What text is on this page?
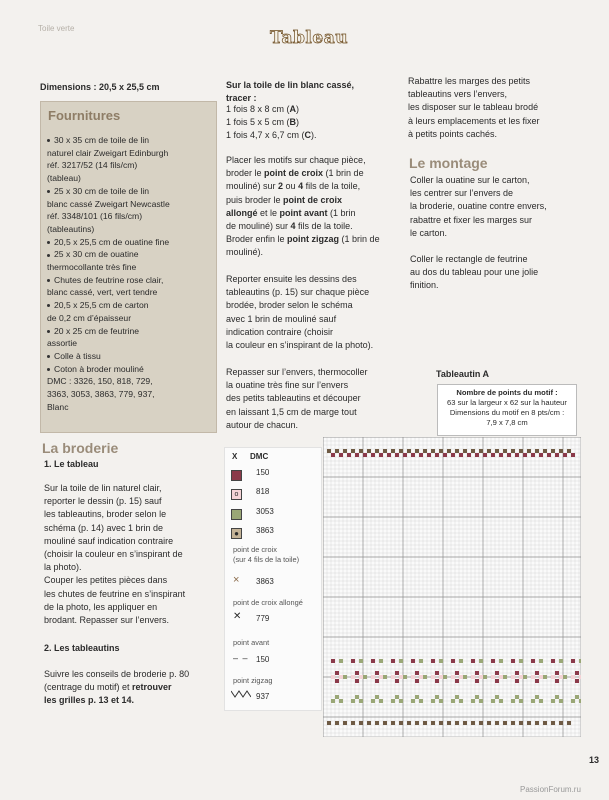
Toile verte	Tableau
Dimensions : 20,5 x 25,5 cm
Fournitures
30 x 35 cm de toile de lin
naturel clair Zweigart Edinburgh
réf. 3217/52 (14 fils/cm)
(tableau)
25 x 30 cm de toile de lin
blanc cassé Zweigart Newcastle
réf. 3348/101 (16 fils/cm)
(tableautins)
20,5 x 25,5 cm de ouatine fine
25 x 30 cm de ouatine
thermocollante très fine
Chutes de feutrine rose clair,
blanc cassé, vert, vert tendre
20,5 x 25,5 cm de carton
de 0,2 cm d’épaisseur
20 x 25 cm de feutrine
assortie
Colle à tissu
Coton à broder mouliné
DMC : 3326, 150, 818, 729,
3363, 3053, 3863, 779, 937,
Blanc
La broderie
1. Le tableau

Sur la toile de lin naturel clair,

reporter le dessin (p. 15) sauf

les tableautins, broder selon le

schéma (p. 14) avec 1 brin de

mouliné sauf indication contraire

(choisir la couleur en s’inspirant de

la photo).

Couper les petites pièces dans

les chutes de feutrine en s’inspirant

de la photo, les appliquer en

brodant. Repasser sur l’envers.

2. Les tableautins

Suivre les conseils de broderie p. 80

(centrage du motif) et retrouver

les grilles p. 13 et 14.

Sur la toile de lin blanc cassé,

tracer :

1 fois 8 x 8 cm (A)

1 fois 5 x 5 cm (B)

1 fois 4,7 x 6,7 cm (C).

Placer les motifs sur chaque pièce,

broder le point de croix (1 brin de

mouliné) sur 2 ou 4 fils de la toile,

puis broder le point de croix

allongé et le point avant (1 brin

de mouliné) sur 4 fils de la toile.

Broder enfin le point zigzag (1 brin de

mouliné).

Reporter ensuite les dessins des

tableautins (p. 15) sur chaque pièce

brodée, broder selon le schéma

avec 1 brin de mouliné sauf

indication contraire (choisir

la couleur en s’inspirant de la photo).

Repasser sur l’envers, thermocoller

la ouatine très fine sur l’envers

des petits tableautins et découper

en laissant 1,5 cm de marge tout

autour de chacun.

Rabattre les marges des petits

tableautins vers l’envers,

les disposer sur le tableau brodé

à leurs emplacements et les fixer

à petits points cachés.

Le montage

Coller la ouatine sur le carton,

les centrer sur l’envers de

la broderie, ouatine contre envers,

rabattre et fixer les marges sur

le carton.

Coller le rectangle de feutrine

au dos du tableau pour une jolie

finition.

Tableautin A
Nombre de points du motif :
63 sur la largeur x 62 sur la hauteur
Dimensions du motif en 8 pts/cm :
7,9 x 7,8 cm
X DMC
150
o	818
3053
●	3863
point de croix
(sur 4 fils de la toile)
× 3863
point de croix allongé
✕ 779
point avant
– – 150
point zigzag
937
13
PassionForum.ru
